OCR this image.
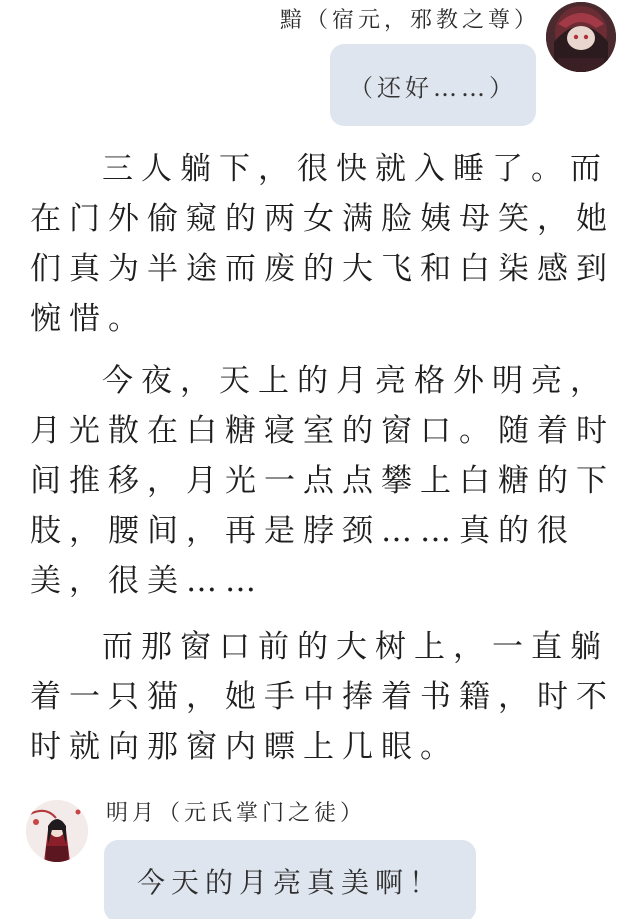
黯（宿元，邪教之尊）
（还好……）

三人躺下，很快就入睡了。而在门外偷窥的两女满脸姨母笑，她们真为半途而废的大飞和白柒感到惋惜。

今夜，天上的月亮格外明亮，月光散在白糖寝室的窗口。随着时间推移，月光一点点攀上白糖的下肢，腰间，再是脖颈……真的很美，很美……

而那窗口前的大树上，一直躺着一只猫，她手中捧着书籍，时不时就向那窗内瞟上几眼。

明月（元氏掌门之徒）
今天的月亮真美啊！
